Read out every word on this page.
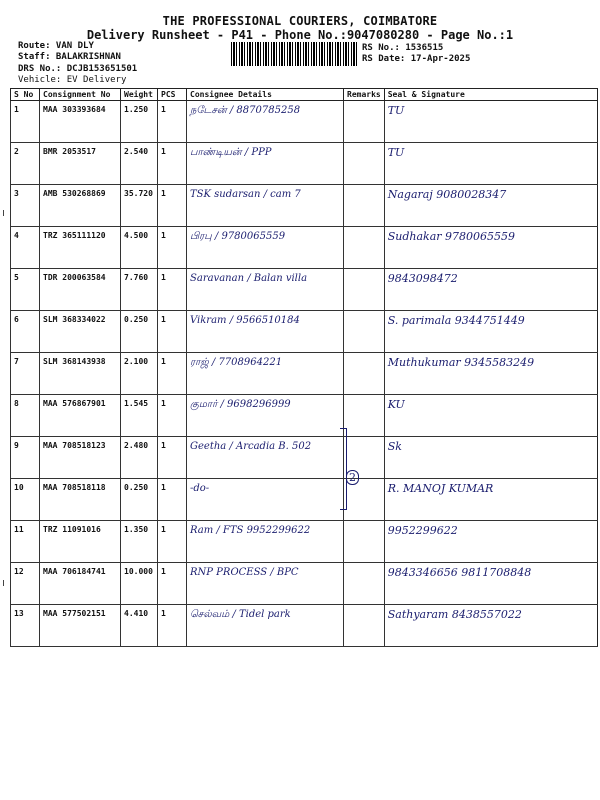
THE PROFESSIONAL COURIERS, COIMBATORE
Delivery Runsheet - P41 - Phone No.:9047080280 - Page No.:1
Route: VAN DLY
Staff: BALAKRISHNAN
DRS No.: DCJB153651501
Vehicle: EV Delivery
RS No.: 1536515
RS Date: 17-Apr-2025
S No	Consignment No	Weight	PCS	Consignee Details	Remarks	Seal & Signature
1	MAA 303393684	1.250	1	நடேசன் / 8870785258		TU
2	BMR 2053517	2.540	1	பாண்டியன் / PPP		TU
3	AMB 530268869	35.720	1	TSK sudarsan / cam 7		Nagaraj 9080028347
4	TRZ 365111120	4.500	1	பிரபு / 9780065559		Sudhakar 9780065559
5	TDR 200063584	7.760	1	Saravanan / Balan villa		9843098472
6	SLM 368334022	0.250	1	Vikram / 9566510184		S. parimala 9344751449
7	SLM 368143938	2.100	1	ராஜ் / 7708964221		Muthukumar 9345583249
8	MAA 576867901	1.545	1	குமார் / 9698296999		KU
9	MAA 708518123	2.480	1	Geetha / Arcadia B. 502		Sk
10	MAA 708518118	0.250	1	-do-		R. MANOJ KUMAR
11	TRZ 11091016	1.350	1	Ram / FTS 9952299622		9952299622
12	MAA 706184741	10.000	1	RNP PROCESS / BPC		9843346656 9811708848
13	MAA 577502151	4.410	1	செல்வம் / Tidel park		Sathyaram 8438557022
2
